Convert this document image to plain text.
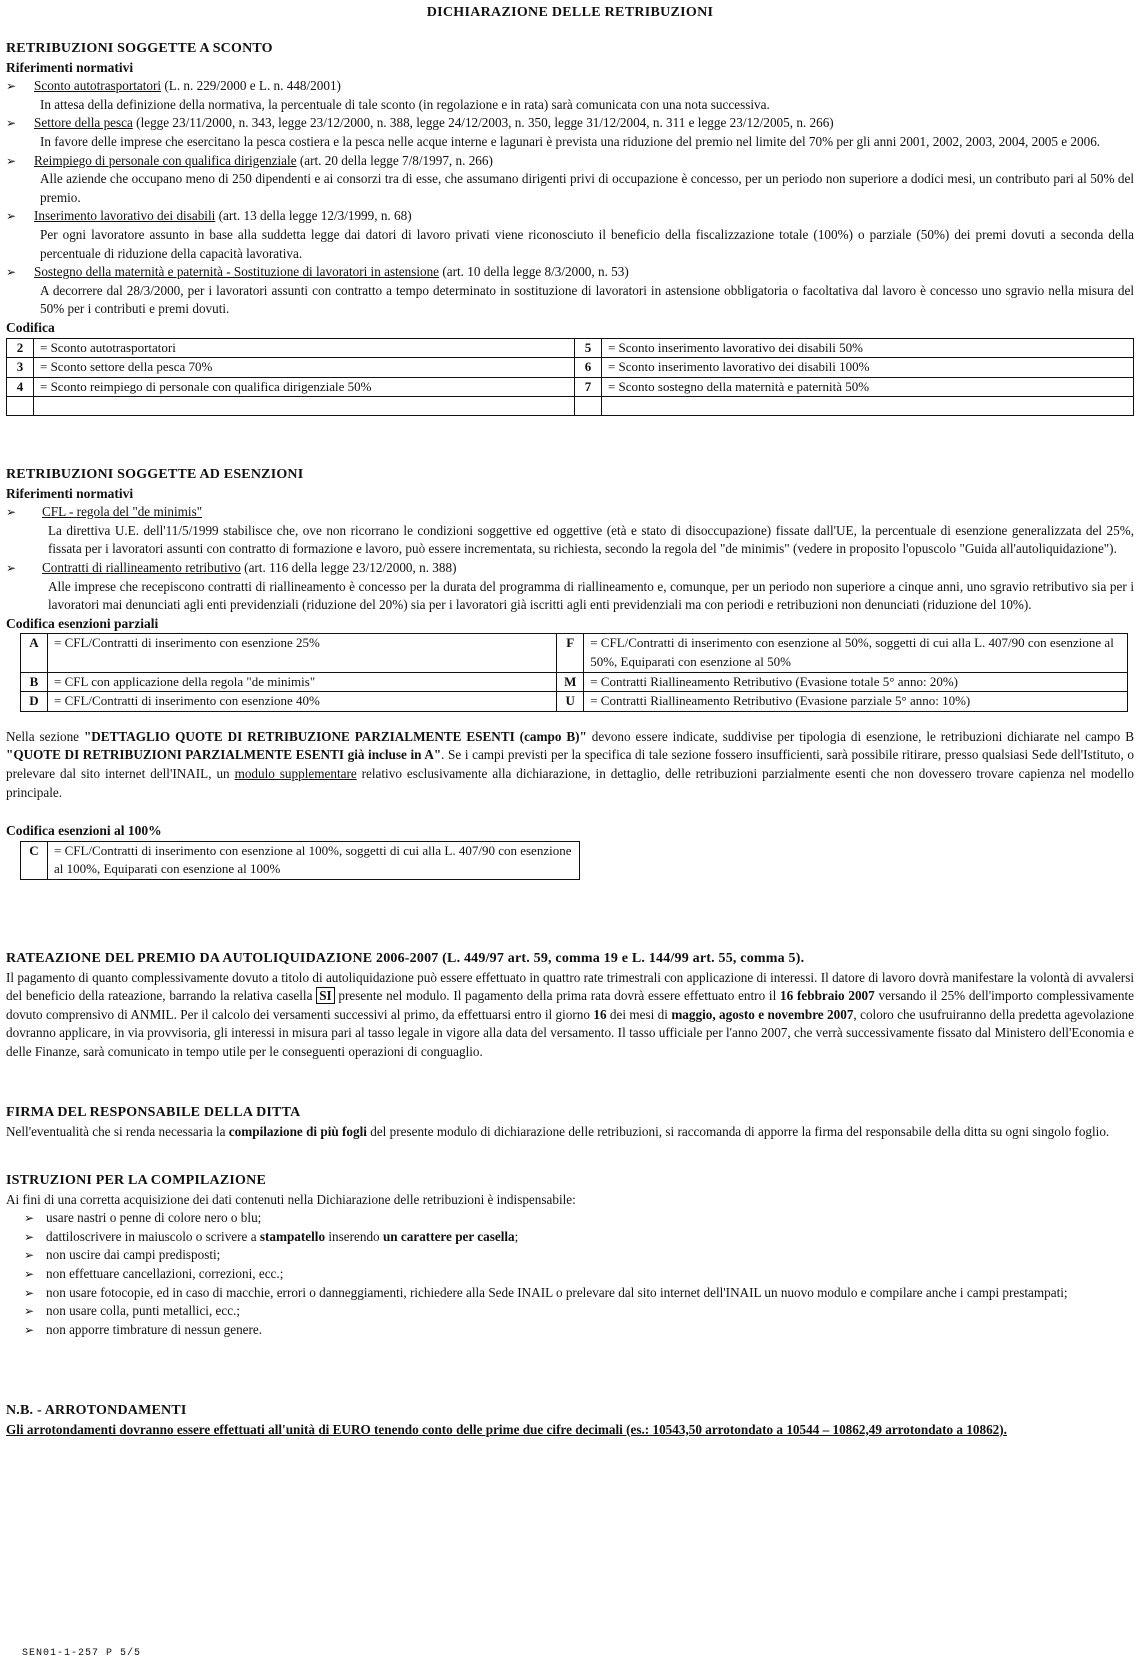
DICHIARAZIONE DELLE RETRIBUZIONI
RETRIBUZIONI SOGGETTE A SCONTO
Riferimenti normativi
➢	Sconto autotrasportatori (L. n. 229/2000 e L. n. 448/2001)
In attesa della definizione della normativa, la percentuale di tale sconto (in regolazione e in rata) sarà comunicata con una nota successiva.
➢	Settore della pesca (legge 23/11/2000, n. 343, legge 23/12/2000, n. 388, legge 24/12/2003, n. 350, legge 31/12/2004, n. 311 e legge 23/12/2005, n. 266)
In favore delle imprese che esercitano la pesca costiera e la pesca nelle acque interne e lagunari è prevista una riduzione del premio nel limite del 70% per gli anni 2001, 2002, 2003, 2004, 2005 e 2006.
➢	Reimpiego di personale con qualifica dirigenziale (art. 20 della legge 7/8/1997, n. 266)
Alle aziende che occupano meno di 250 dipendenti e ai consorzi tra di esse, che assumano dirigenti privi di occupazione è concesso, per un periodo non superiore a dodici mesi, un contributo pari al 50% del premio.
➢	Inserimento lavorativo dei disabili (art. 13 della legge 12/3/1999, n. 68)
Per ogni lavoratore assunto in base alla suddetta legge dai datori di lavoro privati viene riconosciuto il beneficio della fiscalizzazione totale (100%) o parziale (50%) dei premi dovuti a seconda della percentuale di riduzione della capacità lavorativa.
➢	Sostegno della maternità e paternità - Sostituzione di lavoratori in astensione (art. 10 della legge 8/3/2000, n. 53)
A decorrere dal 28/3/2000, per i lavoratori assunti con contratto a tempo determinato in sostituzione di lavoratori in astensione obbligatoria o facoltativa dal lavoro è concesso uno sgravio nella misura del 50% per i contributi e premi dovuti.
Codifica
2	= Sconto autotrasportatori	5	= Sconto inserimento lavorativo dei disabili 50%
3	= Sconto settore della pesca 70%	6	= Sconto inserimento lavorativo dei disabili 100%
4	= Sconto reimpiego di personale con qualifica dirigenziale 50%	7	= Sconto sostegno della maternità e paternità 50%

RETRIBUZIONI SOGGETTE AD ESENZIONI
Riferimenti normativi
➢	CFL - regola del "de minimis"
La direttiva U.E. dell'11/5/1999 stabilisce che, ove non ricorrano le condizioni soggettive ed oggettive (età e stato di disoccupazione) fissate dall'UE, la percentuale di esenzione generalizzata del 25%, fissata per i lavoratori assunti con contratto di formazione e lavoro, può essere incrementata, su richiesta, secondo la regola del "de minimis" (vedere in proposito l'opuscolo "Guida all'autoliquidazione").
➢	Contratti di riallineamento retributivo (art. 116 della legge 23/12/2000, n. 388)
Alle imprese che recepiscono contratti di riallineamento è concesso per la durata del programma di riallineamento e, comunque, per un periodo non superiore a cinque anni, uno sgravio retributivo sia per i lavoratori mai denunciati agli enti previdenziali (riduzione del 20%) sia per i lavoratori già iscritti agli enti previdenziali ma con periodi e retribuzioni non denunciati (riduzione del 10%).
Codifica esenzioni parziali
A	= CFL/Contratti di inserimento con esenzione 25%	F	= CFL/Contratti di inserimento con esenzione al 50%, soggetti di cui alla L. 407/90 con esenzione al 50%, Equiparati con esenzione al 50%
B	= CFL con applicazione della regola "de minimis"	M	= Contratti Riallineamento Retributivo (Evasione totale 5° anno: 20%)
D	= CFL/Contratti di inserimento con esenzione 40%	U	= Contratti Riallineamento Retributivo (Evasione parziale 5° anno: 10%)
Nella sezione "DETTAGLIO QUOTE DI RETRIBUZIONE PARZIALMENTE ESENTI (campo B)" devono essere indicate, suddivise per tipologia di esenzione, le retribuzioni dichiarate nel campo B "QUOTE DI RETRIBUZIONI PARZIALMENTE ESENTI già incluse in A". Se i campi previsti per la specifica di tale sezione fossero insufficienti, sarà possibile ritirare, presso qualsiasi Sede dell'Istituto, o prelevare dal sito internet dell'INAIL, un modulo supplementare relativo esclusivamente alla dichiarazione, in dettaglio, delle retribuzioni parzialmente esenti che non dovessero trovare capienza nel modello principale.
Codifica esenzioni al 100%
C	= CFL/Contratti di inserimento con esenzione al 100%, soggetti di cui alla L. 407/90 con esenzione al 100%, Equiparati con esenzione al 100%
RATEAZIONE DEL PREMIO DA AUTOLIQUIDAZIONE 2006-2007 (L. 449/97 art. 59, comma 19 e L. 144/99 art. 55, comma 5).
Il pagamento di quanto complessivamente dovuto a titolo di autoliquidazione può essere effettuato in quattro rate trimestrali con applicazione di interessi. Il datore di lavoro dovrà manifestare la volontà di avvalersi del beneficio della rateazione, barrando la relativa casella SI presente nel modulo. Il pagamento della prima rata dovrà essere effettuato entro il 16 febbraio 2007 versando il 25% dell'importo complessivamente dovuto comprensivo di ANMIL. Per il calcolo dei versamenti successivi al primo, da effettuarsi entro il giorno 16 dei mesi di maggio, agosto e novembre 2007, coloro che usufruiranno della predetta agevolazione dovranno applicare, in via provvisoria, gli interessi in misura pari al tasso legale in vigore alla data del versamento. Il tasso ufficiale per l'anno 2007, che verrà successivamente fissato dal Ministero dell'Economia e delle Finanze, sarà comunicato in tempo utile per le conseguenti operazioni di conguaglio.
FIRMA DEL RESPONSABILE DELLA DITTA
Nell'eventualità che si renda necessaria la compilazione di più fogli del presente modulo di dichiarazione delle retribuzioni, si raccomanda di apporre la firma del responsabile della ditta su ogni singolo foglio.
ISTRUZIONI PER LA COMPILAZIONE
Ai fini di una corretta acquisizione dei dati contenuti nella Dichiarazione delle retribuzioni è indispensabile:
➢ usare nastri o penne di colore nero o blu;
➢ dattiloscrivere in maiuscolo o scrivere a stampatello inserendo un carattere per casella;
➢ non uscire dai campi predisposti;
➢ non effettuare cancellazioni, correzioni, ecc.;
➢ non usare fotocopie, ed in caso di macchie, errori o danneggiamenti, richiedere alla Sede INAIL o prelevare dal sito internet dell'INAIL un nuovo modulo e compilare anche i campi prestampati;
➢ non usare colla, punti metallici, ecc.;
➢ non apporre timbrature di nessun genere.
N.B. - ARROTONDAMENTI
Gli arrotondamenti dovranno essere effettuati all'unità di EURO tenendo conto delle prime due cifre decimali (es.: 10543,50 arrotondato a 10544 – 10862,49 arrotondato a 10862).
SEN01-1-257 P 5/5
